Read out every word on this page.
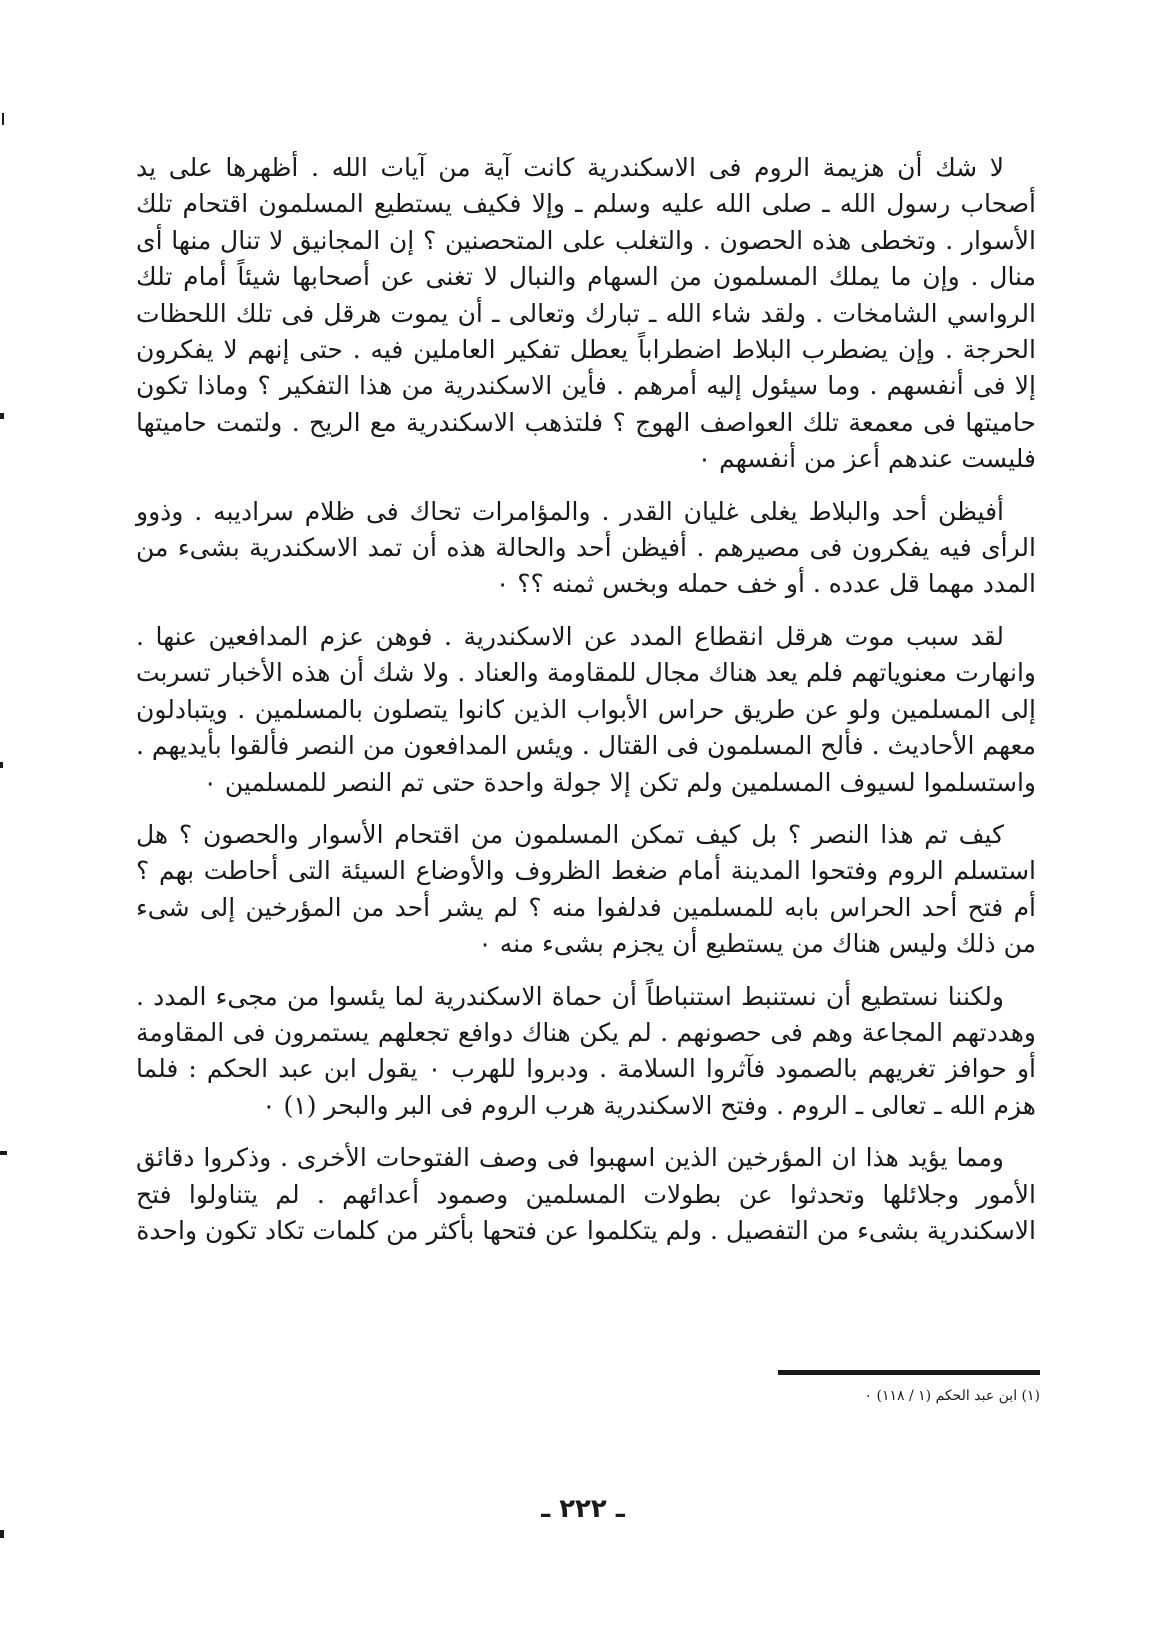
لا شك أن هزيمة الروم فى الاسكندرية كانت آية من آيات الله . أظهرها على يد أصحاب رسول الله ـ صلى الله عليه وسلم ـ وإلا فكيف يستطيع المسلمون اقتحام تلك الأسوار . وتخطى هذه الحصون . والتغلب على المتحصنين ؟ إن المجانيق لا تنال منها أى منال . وإن ما يملك المسلمون من السهام والنبال لا تغنى عن أصحابها شيئاً أمام تلك الرواسي الشامخات . ولقد شاء الله ـ تبارك وتعالى ـ أن يموت هرقل فى تلك اللحظات الحرجة . وإن يضطرب البلاط اضطراباً يعطل تفكير العاملين فيه . حتى إنهم لا يفكرون إلا فى أنفسهم . وما سيئول إليه أمرهم . فأين الاسكندرية من هذا التفكير ؟ وماذا تكون حاميتها فى معمعة تلك العواصف الهوج ؟ فلتذهب الاسكندرية مع الريح . ولتمت حاميتها فليست عندهم أعز من أنفسهم ٠

أفيظن أحد والبلاط يغلى غليان القدر . والمؤامرات تحاك فى ظلام سراديبه . وذوو الرأى فيه يفكرون فى مصيرهم . أفيظن أحد والحالة هذه أن تمد الاسكندرية بشىء من المدد مهما قل عدده . أو خف حمله وبخس ثمنه ؟؟ ٠

لقد سبب موت هرقل انقطاع المدد عن الاسكندرية . فوهن عزم المدافعين عنها . وانهارت معنوياتهم فلم يعد هناك مجال للمقاومة والعناد . ولا شك أن هذه الأخبار تسربت إلى المسلمين ولو عن طريق حراس الأبواب الذين كانوا يتصلون بالمسلمين . ويتبادلون معهم الأحاديث . فألح المسلمون فى القتال . ويئس المدافعون من النصر فألقوا بأيديهم . واستسلموا لسيوف المسلمين ولم تكن إلا جولة واحدة حتى تم النصر للمسلمين ٠

كيف تم هذا النصر ؟ بل كيف تمكن المسلمون من اقتحام الأسوار والحصون ؟ هل استسلم الروم وفتحوا المدينة أمام ضغط الظروف والأوضاع السيئة التى أحاطت بهم ؟ أم فتح أحد الحراس بابه للمسلمين فدلفوا منه ؟ لم يشر أحد من المؤرخين إلى شىء من ذلك وليس هناك من يستطيع أن يجزم بشىء منه ٠

ولكننا نستطيع أن نستنبط استنباطاً أن حماة الاسكندرية لما يئسوا من مجىء المدد . وهددتهم المجاعة وهم فى حصونهم . لم يكن هناك دوافع تجعلهم يستمرون فى المقاومة أو حوافز تغريهم بالصمود فآثروا السلامة . ودبروا للهرب ٠ يقول ابن عبد الحكم : فلما هزم الله ـ تعالى ـ الروم . وفتح الاسكندرية هرب الروم فى البر والبحر (١) ٠

ومما يؤيد هذا ان المؤرخين الذين اسهبوا فى وصف الفتوحات الأخرى . وذكروا دقائق الأمور وجلائلها وتحدثوا عن بطولات المسلمين وصمود أعدائهم . لم يتناولوا فتح الاسكندرية بشىء من التفصيل . ولم يتكلموا عن فتحها بأكثر من كلمات تكاد تكون واحدة

(١) ابن عبد الحكم (١ / ١١٨) ٠
ـ ٢٢٢ ـ
